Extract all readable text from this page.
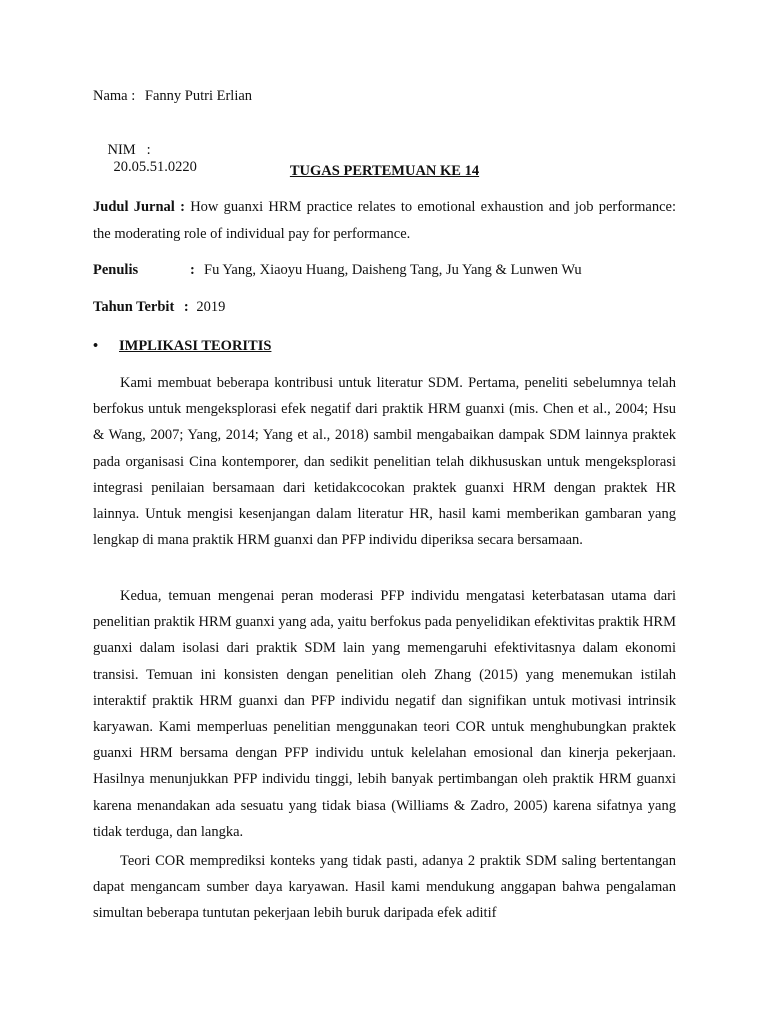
Nama : Fanny Putri Erlian

NIM   :
20.05.51.0220
	TUGAS PERTEMUAN KE 14
Judul Jurnal : How guanxi HRM practice relates to emotional exhaustion and job performance: the moderating role of individual pay for performance.
Penulis	: Fu Yang, Xiaoyu Huang, Daisheng Tang, Ju Yang & Lunwen Wu
Tahun Terbit : 2019
• IMPLIKASI TEORITIS

Kami membuat beberapa kontribusi untuk literatur SDM. Pertama, peneliti sebelumnya telah berfokus untuk mengeksplorasi efek negatif dari praktik HRM guanxi (mis. Chen et al., 2004; Hsu & Wang, 2007; Yang, 2014; Yang et al., 2018) sambil mengabaikan dampak SDM lainnya praktek pada organisasi Cina kontemporer, dan sedikit penelitian telah dikhususkan untuk mengeksplorasi integrasi penilaian bersamaan dari ketidakcocokan praktek guanxi HRM dengan praktek HR lainnya. Untuk mengisi kesenjangan dalam literatur HR, hasil kami memberikan gambaran yang lengkap di mana praktik HRM guanxi dan PFP individu diperiksa secara bersamaan.

Kedua, temuan mengenai peran moderasi PFP individu mengatasi keterbatasan utama dari penelitian praktik HRM guanxi yang ada, yaitu berfokus pada penyelidikan efektivitas praktik HRM guanxi dalam isolasi dari praktik SDM lain yang memengaruhi efektivitasnya dalam ekonomi transisi. Temuan ini konsisten dengan penelitian oleh Zhang (2015) yang menemukan istilah interaktif praktik HRM guanxi dan PFP individu negatif dan signifikan untuk motivasi intrinsik karyawan. Kami memperluas penelitian menggunakan teori COR untuk menghubungkan praktek guanxi HRM bersama dengan PFP individu untuk kelelahan emosional dan kinerja pekerjaan. Hasilnya menunjukkan PFP individu tinggi, lebih banyak pertimbangan oleh praktik HRM guanxi karena menandakan ada sesuatu yang tidak biasa (Williams & Zadro, 2005) karena sifatnya yang tidak terduga, dan langka.

Teori COR memprediksi konteks yang tidak pasti, adanya 2 praktik SDM saling bertentangan dapat mengancam sumber daya karyawan. Hasil kami mendukung anggapan bahwa pengalaman simultan beberapa tuntutan pekerjaan lebih buruk daripada efek aditif
